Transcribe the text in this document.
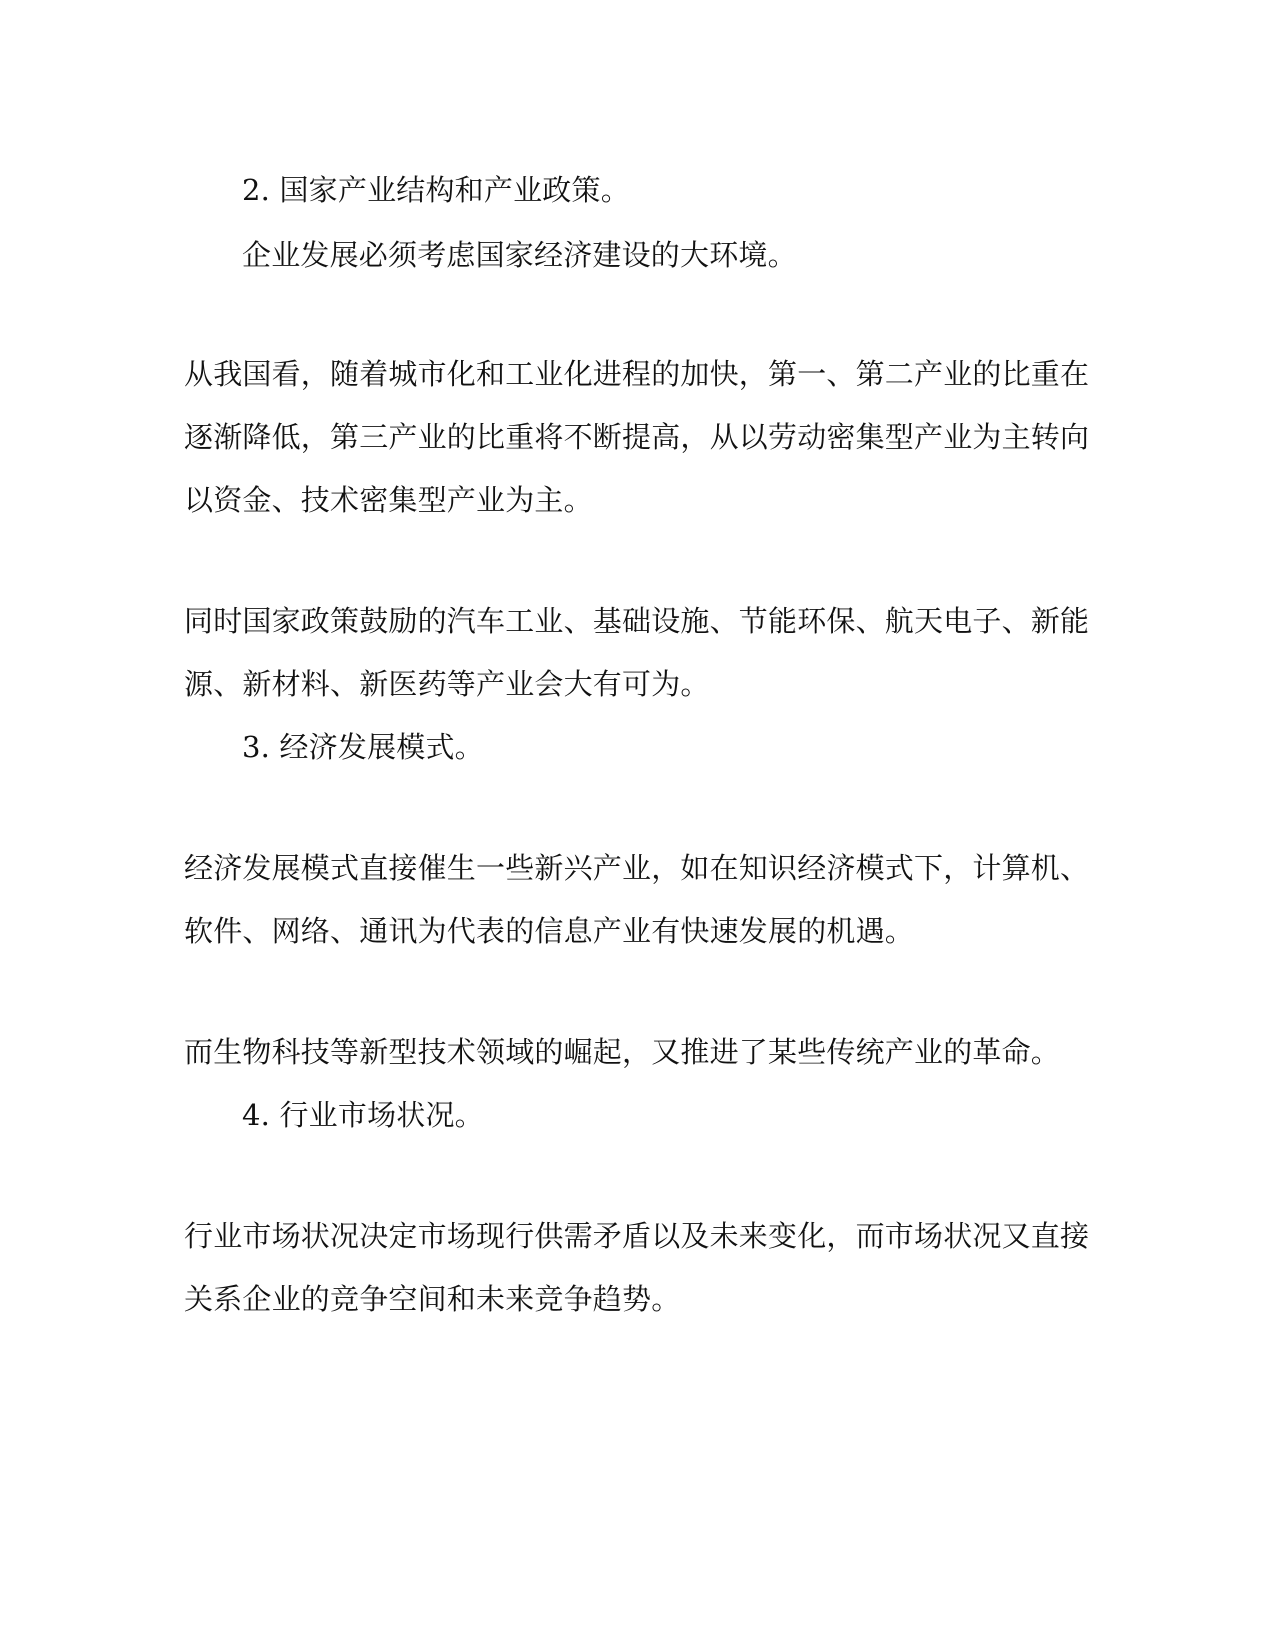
2. 国家产业结构和产业政策。
企业发展必须考虑国家经济建设的大环境。
从我国看，随着城市化和工业化进程的加快，第一、第二产业的比重在
逐渐降低，第三产业的比重将不断提高，从以劳动密集型产业为主转向
以资金、技术密集型产业为主。
同时国家政策鼓励的汽车工业、基础设施、节能环保、航天电子、新能
源、新材料、新医药等产业会大有可为。
3. 经济发展模式。
经济发展模式直接催生一些新兴产业，如在知识经济模式下，计算机、
软件、网络、通讯为代表的信息产业有快速发展的机遇。
而生物科技等新型技术领域的崛起，又推进了某些传统产业的革命。
4. 行业市场状况。
行业市场状况决定市场现行供需矛盾以及未来变化，而市场状况又直接
关系企业的竞争空间和未来竞争趋势。
